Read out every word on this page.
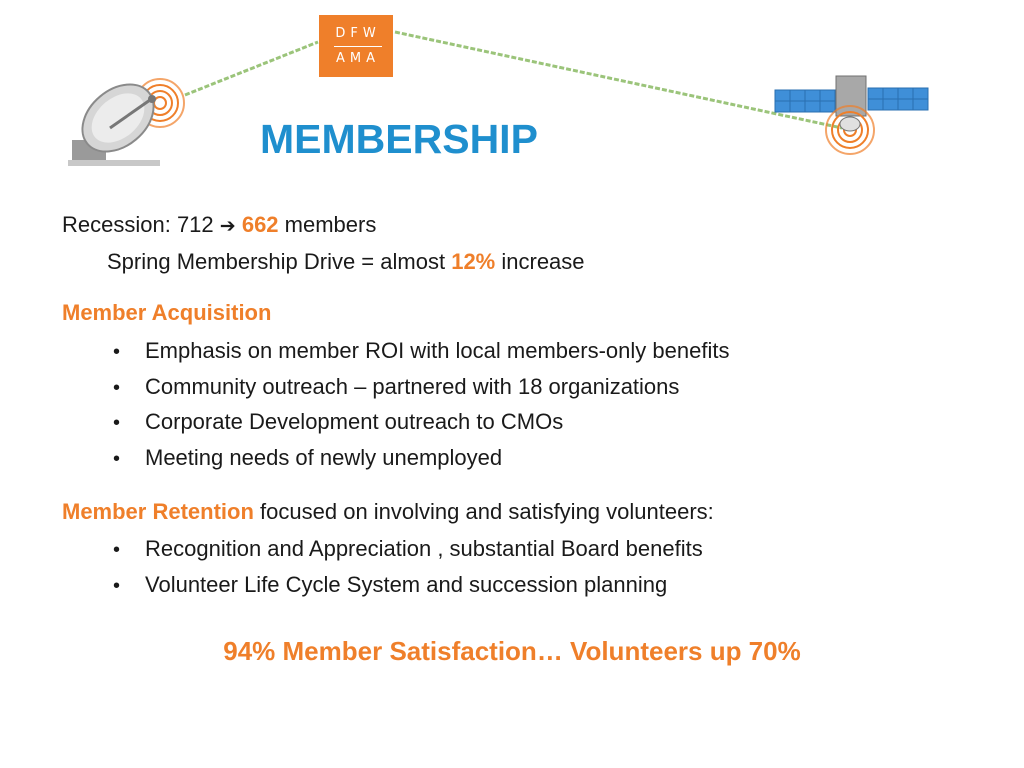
DFW
AMA
MEMBERSHIP
Recession: 712 ➔ 662 members
Spring Membership Drive = almost 12% increase
Member Acquisition
• Emphasis on member ROI with local members-only benefits
• Community outreach – partnered with 18 organizations
• Corporate Development outreach to CMOs
• Meeting needs of newly unemployed
Member Retention focused on involving and satisfying volunteers:
• Recognition and Appreciation , substantial Board benefits
• Volunteer Life Cycle System and succession planning
94% Member Satisfaction… Volunteers up 70%
